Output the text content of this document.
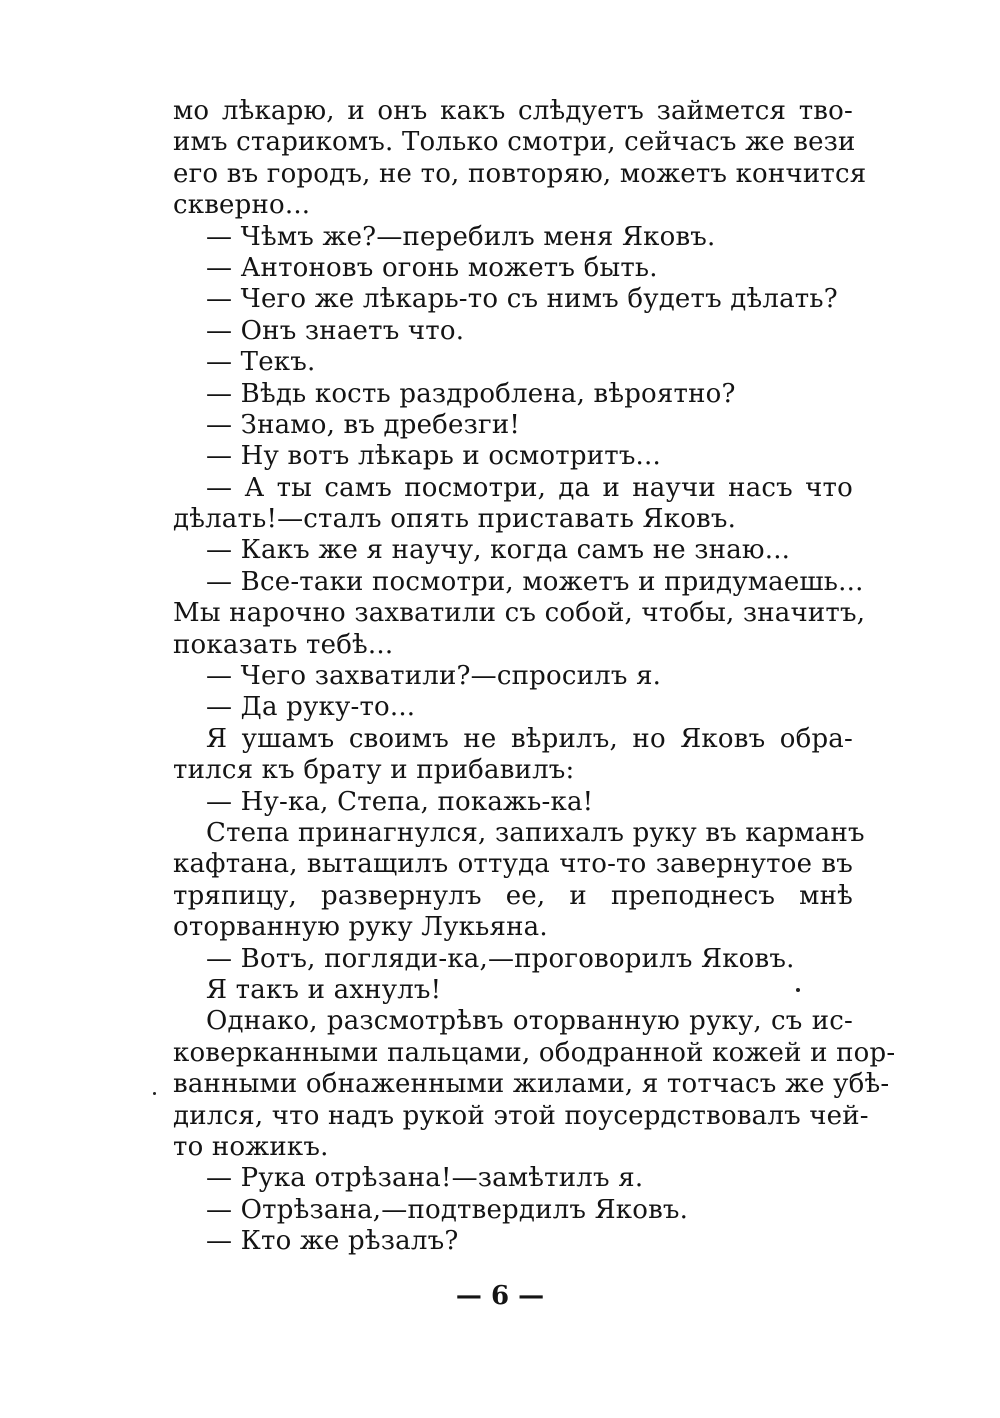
мо лѣкарю, и онъ какъ слѣдуетъ займется тво-
имъ старикомъ. Только смотри, сейчасъ же вези
его въ городъ, не то, повторяю, можетъ кончится
скверно...
— Чѣмъ же?—перебилъ меня Яковъ.
— Антоновъ огонь можетъ быть.
— Чего же лѣкарь-то съ нимъ будетъ дѣлать?
— Онъ знаетъ что.
— Текъ.
— Вѣдь кость раздроблена, вѣроятно?
— Знамо, въ дребезги!
— Ну вотъ лѣкарь и осмотритъ...
— А ты самъ посмотри, да и научи насъ что
дѣлать!—сталъ опять приставать Яковъ.
— Какъ же я научу, когда самъ не знаю...
— Все-таки посмотри, можетъ и придумаешь...
Мы нарочно захватили съ собой, чтобы, значитъ,
показать тебѣ...
— Чего захватили?—спросилъ я.
— Да руку-то...
Я ушамъ своимъ не вѣрилъ, но Яковъ обра-
тился къ брату и прибавилъ:
— Ну-ка, Степа, покажь-ка!
Степа принагнулся, запихалъ руку въ карманъ
кафтана, вытащилъ оттуда что-то завернутое въ
тряпицу, развернулъ ее, и преподнесъ мнѣ
оторванную руку Лукьяна.
— Вотъ, погляди-ка,—проговорилъ Яковъ.
Я такъ и ахнулъ!
Однако, разсмотрѣвъ оторванную руку, съ ис-
коверканными пальцами, ободранной кожей и пор-
ванными обнаженными жилами, я тотчасъ же убѣ-
дился, что надъ рукой этой поусердствовалъ чей-
то ножикъ.
— Рука отрѣзана!—замѣтилъ я.
— Отрѣзана,—подтвердилъ Яковъ.
— Кто же рѣзалъ?
— 6 —
